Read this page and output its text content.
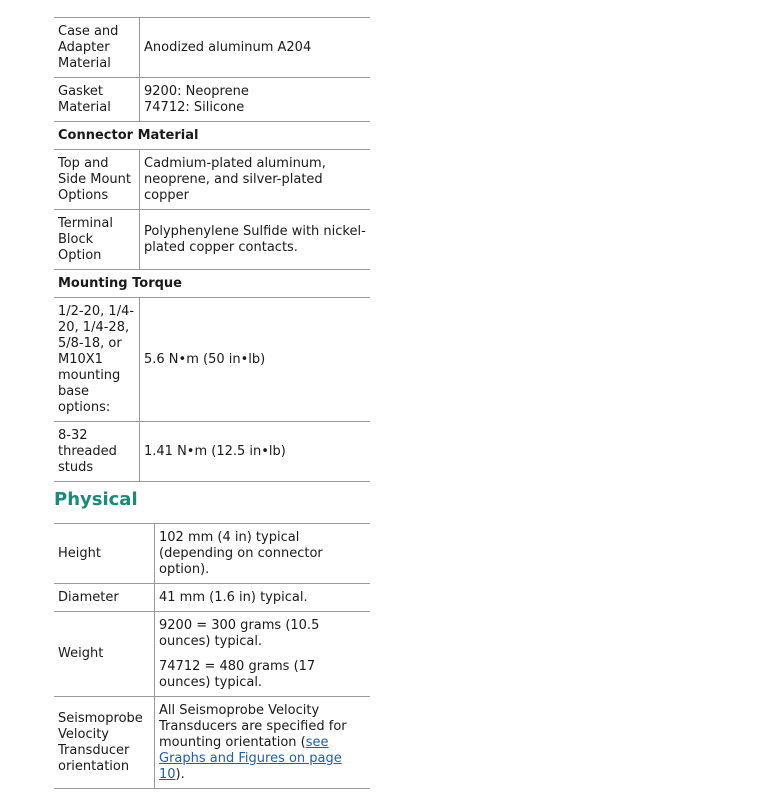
Case and Adapter Material	Anodized aluminum A204
Gasket Material	9200: Neoprene
74712: Silicone

Connector Material	
Top and Side Mount Options	Cadmium-plated aluminum, neoprene, and silver-plated copper
Terminal Block Option	Polyphenylene Sulfide with nickel-plated copper contacts.
Mounting Torque	
1/2-20, 1/4-20, 1/4-28, 5/8-18, or M10X1 mounting base options:	5.6 N•m (50 in•lb)
8-32 threaded studs	1.41 N•m (12.5 in•lb)
Physical
Height	102 mm (4 in) typical (depending on connector option).
Diameter	41 mm (1.6 in) typical.
Weight	9200 = 300 grams (10.5 ounces) typical.
74712 = 480 grams (17 ounces) typical.

Seismoprobe Velocity Transducer orientation	All Seismoprobe Velocity Transducers are specified for mounting orientation (see Graphs and Figures on page 10).
